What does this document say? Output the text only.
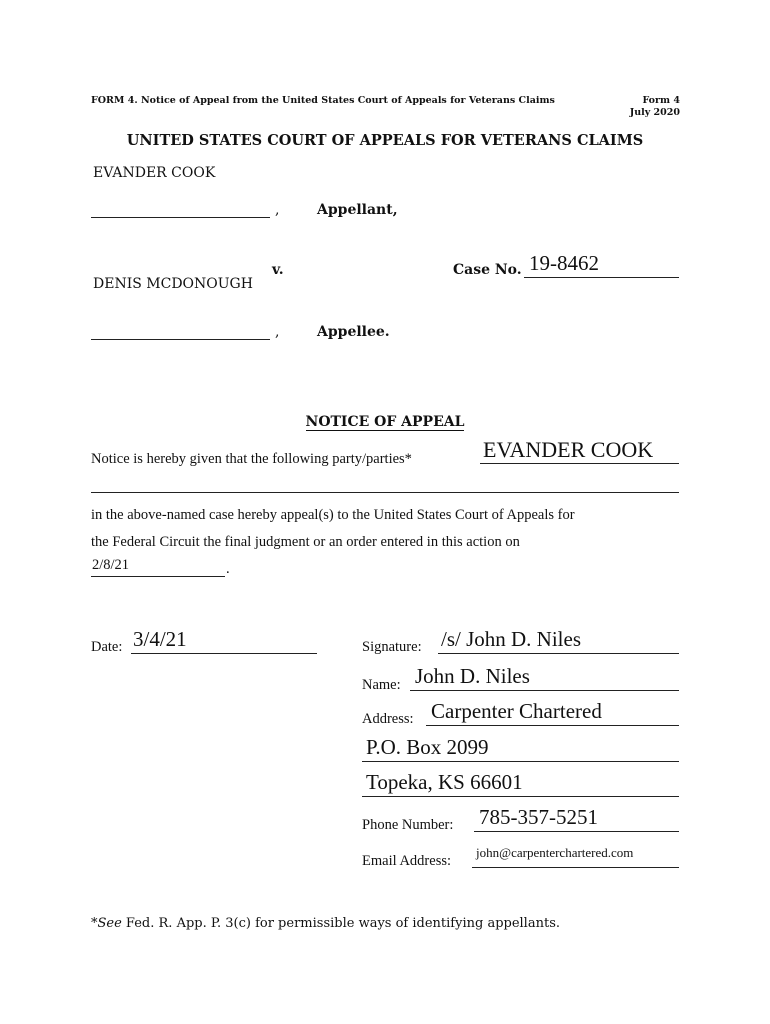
FORM 4. Notice of Appeal from the United States Court of Appeals for Veterans Claims	Form 4
July 2020
UNITED STATES COURT OF APPEALS FOR VETERANS CLAIMS
EVANDER COOK
,	Appellant,
v.	Case No. 19-8462
DENIS MCDONOUGH
,	Appellee.
NOTICE OF APPEAL
Notice is hereby given that the following party/parties*	EVANDER COOK
in the above-named case hereby appeal(s) to the United States Court of Appeals for
the Federal Circuit the final judgment or an order entered in this action on
2/8/21	.
Date: 3/4/21	Signature: /s/ John D. Niles
Name: John D. Niles
Address: Carpenter Chartered
P.O. Box 2099
Topeka, KS 66601
Phone Number: 785-357-5251
Email Address:
john@carpenterchartered.com
*See Fed. R. App. P. 3(c) for permissible ways of identifying appellants.
